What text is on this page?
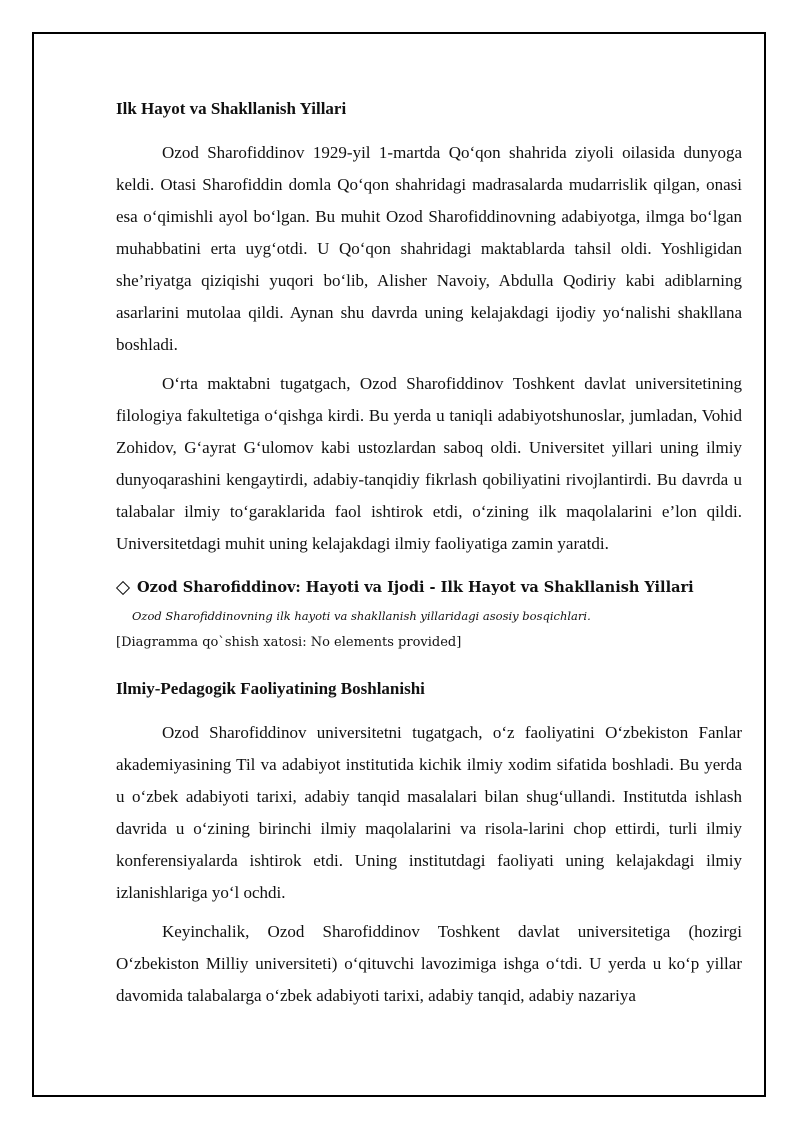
Ilk Hayot va Shakllanish Yillari

Ozod Sharofiddinov 1929-yil 1-martda Qo‘qon shahrida ziyoli oilasida dunyoga keldi. Otasi Sharofiddin domla Qo‘qon shahridagi madrasalarda mudarrislik qilgan, onasi esa o‘qimishli ayol bo‘lgan. Bu muhit Ozod Sharofiddinovning adabiyotga, ilmga bo‘lgan muhabbatini erta uyg‘otdi. U Qo‘qon shahridagi maktablarda tahsil oldi. Yoshligidan she’riyatga qiziqishi yuqori bo‘lib, Alisher Navoiy, Abdulla Qodiriy kabi adiblarning asarlarini mutolaa qildi. Aynan shu davrda uning kelajakdagi ijodiy yo‘nalishi shakllana boshladi.

O‘rta maktabni tugatgach, Ozod Sharofiddinov Toshkent davlat universitetining filologiya fakultetiga o‘qishga kirdi. Bu yerda u taniqli adabiyotshunoslar, jumladan, Vohid Zohidov, G‘ayrat G‘ulomov kabi ustozlardan saboq oldi. Universitet yillari uning ilmiy dunyoqarashini kengaytirdi, adabiy-tanqidiy fikrlash qobiliyatini rivojlantirdi. Bu davrda u talabalar ilmiy to‘garaklarida faol ishtirok etdi, o‘zining ilk maqolalarini e’lon qildi. Universitetdagi muhit uning kelajakdagi ilmiy faoliyatiga zamin yaratdi.

Ozod Sharofiddinov: Hayoti va Ijodi - Ilk Hayot va Shakllanish Yillari
Ozod Sharofiddinovning ilk hayoti va shakllanish yillaridagi asosiy bosqichlari.
[Diagramma qo`shish xatosi: No elements provided]
Ilmiy-Pedagogik Faoliyatining Boshlanishi

Ozod Sharofiddinov universitetni tugatgach, o‘z faoliyatini O‘zbekiston Fanlar akademiyasining Til va adabiyot institutida kichik ilmiy xodim sifatida boshladi. Bu yerda u o‘zbek adabiyoti tarixi, adabiy tanqid masalalari bilan shug‘ullandi. Institutda ishlash davrida u o‘zining birinchi ilmiy maqolalarini va risola-larini chop ettirdi, turli ilmiy konferensiyalarda ishtirok etdi. Uning institutdagi faoliyati uning kelajakdagi ilmiy izlanishlariga yo‘l ochdi.

Keyinchalik, Ozod Sharofiddinov Toshkent davlat universitetiga (hozirgi O‘zbekiston Milliy universiteti) o‘qituvchi lavozimiga ishga o‘tdi. U yerda u ko‘p yillar davomida talabalarga o‘zbek adabiyoti tarixi, adabiy tanqid, adabiy nazariya
